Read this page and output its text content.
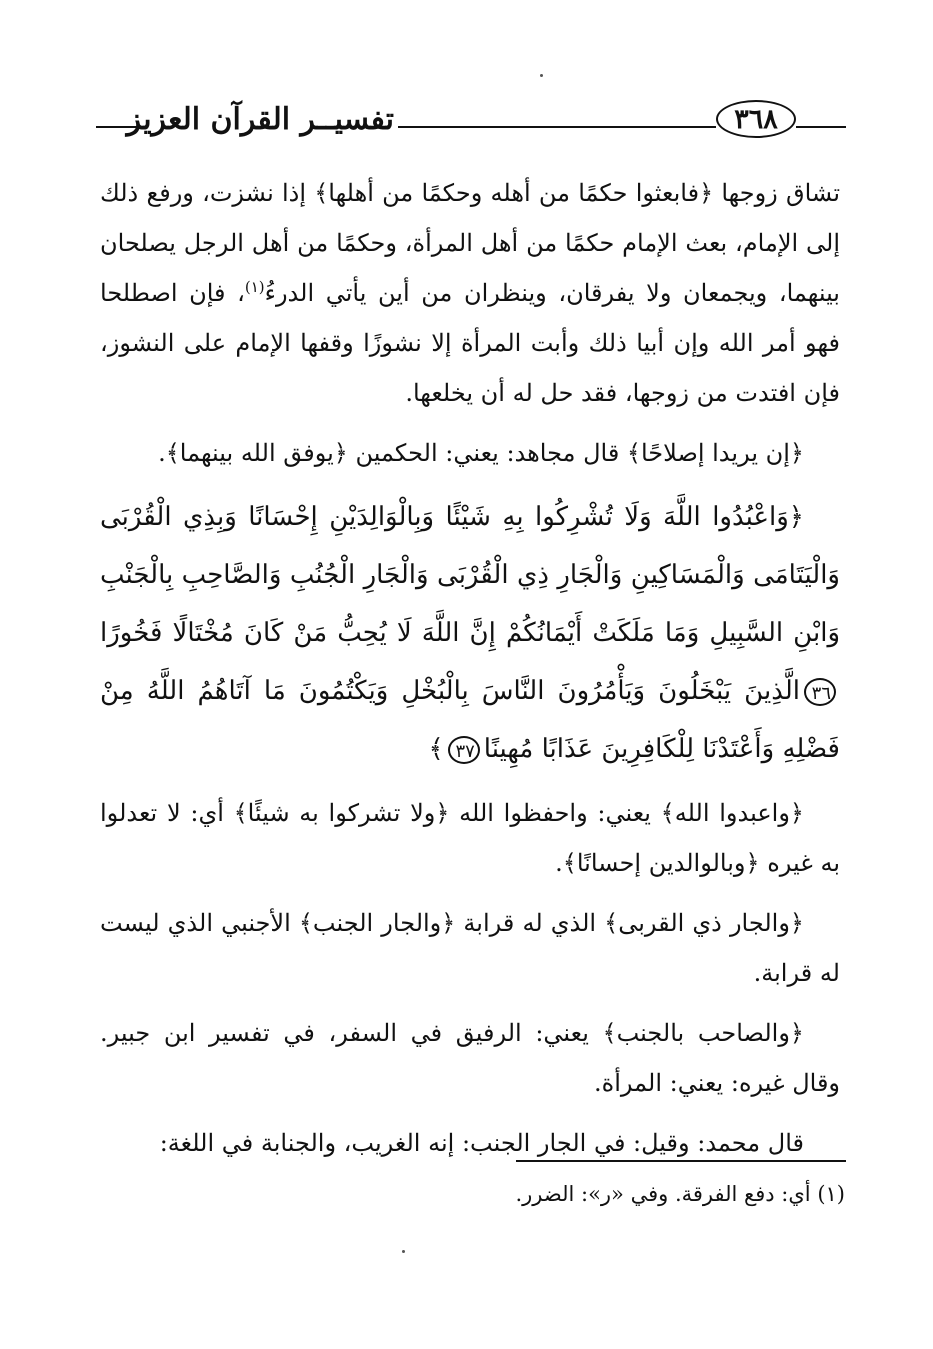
تفسيــر القرآن العزيز	٣٦٨

تشاق زوجها ﴿فابعثوا حكمًا من أهله وحكمًا من أهلها﴾ إذا نشزت، ورفع ذلك إلى الإمام، بعث الإمام حكمًا من أهل المرأة، وحكمًا من أهل الرجل يصلحان بينهما، ويجمعان ولا يفرقان، وينظران من أين يأتي الدرءُ$^{(١)}$، فإن اصطلحا فهو أمر الله وإن أبيا ذلك وأبت المرأة إلا نشوزًا وقفها الإمام على النشوز، فإن افتدت من زوجها، فقد حل له أن يخلعها.

﴿إن يريدا إصلاحًا﴾ قال مجاهد: يعني: الحكمين ﴿يوفق الله بينهما﴾.

﴿وَاعْبُدُوا اللَّهَ وَلَا تُشْرِكُوا بِهِ شَيْئًا وَبِالْوَالِدَيْنِ إِحْسَانًا وَبِذِي الْقُرْبَى وَالْيَتَامَى وَالْمَسَاكِينِ وَالْجَارِ ذِي الْقُرْبَى وَالْجَارِ الْجُنُبِ وَالصَّاحِبِ بِالْجَنْبِ وَابْنِ السَّبِيلِ وَمَا مَلَكَتْ أَيْمَانُكُمْ إِنَّ اللَّهَ لَا يُحِبُّ مَنْ كَانَ مُخْتَالًا فَخُورًا٣٦الَّذِينَ يَبْخَلُونَ وَيَأْمُرُونَ النَّاسَ بِالْبُخْلِ وَيَكْتُمُونَ مَا آتَاهُمُ اللَّهُ مِنْ فَضْلِهِ وَأَعْتَدْنَا لِلْكَافِرِينَ عَذَابًا مُهِينًا٣٧﴾

﴿واعبدوا الله﴾ يعني: واحفظوا الله ﴿ولا تشركوا به شيئًا﴾ أي: لا تعدلوا به غيره ﴿وبالوالدين إحسانًا﴾.

﴿والجار ذي القربى﴾ الذي له قرابة ﴿والجار الجنب﴾ الأجنبي الذي ليست له قرابة.

﴿والصاحب بالجنب﴾ يعني: الرفيق في السفر، في تفسير ابن جبير. وقال غيره: يعني: المرأة.

قال محمد: وقيل: في الجار الجنب: إنه الغريب، والجنابة في اللغة:

(١) أي: دفع الفرقة. وفي «ر»: الضرر.
